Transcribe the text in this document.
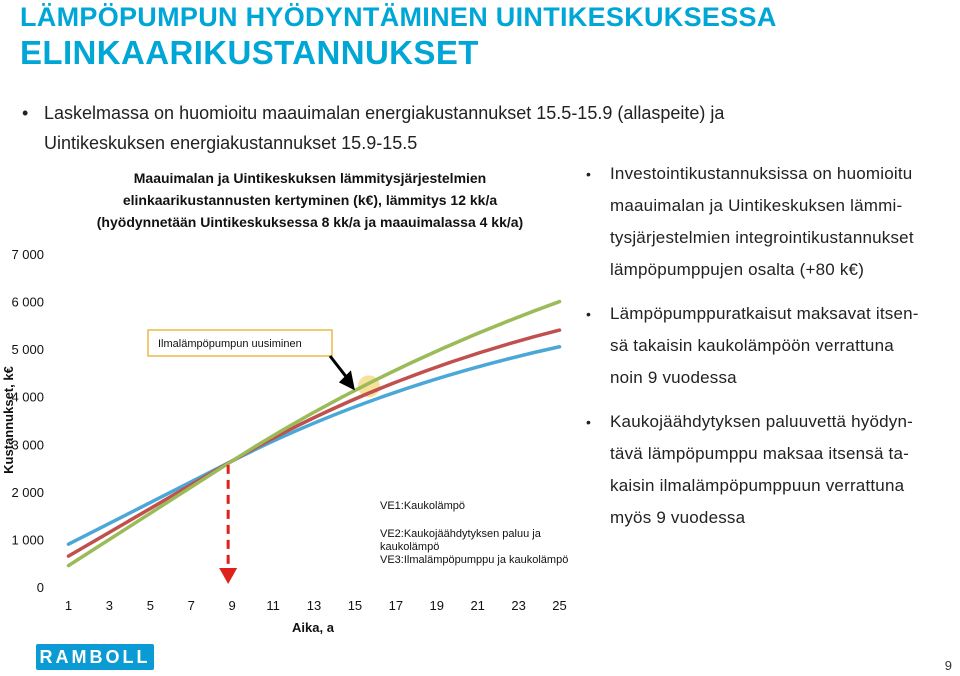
LÄMPÖPUMPUN HYÖDYNTÄMINEN UINTIKESKUKSESSA
ELINKAARIKUSTANNUKSET
• Laskelmassa on huomioitu maauimalan energiakustannukset 15.5-15.9 (allaspeite) ja Uintikeskuksen energiakustannukset 15.9-15.5
Maauimalan ja Uintikeskuksen lämmitysjärjestelmien
elinkaarikustannusten kertyminen (k€), lämmitys 12 kk/a
(hyödynnetään Uintikeskuksessa 8 kk/a ja maauimalassa 4 kk/a)
0
1 000
2 000
3 000
4 000
5 000
6 000
7 000
1	3	5	7	9 11 13 15 17 19 21 23 25
Kustannukset, k€
Aika, a
Ilmalämpöpumpun uusiminen
VE1:Kaukolämpö
VE2:Kaukojäähdytyksen paluu ja
kaukolämpö
VE3:Ilmalämpöpumppu ja kaukolämpö
• Investointikustannuksissa on huomioitu
maauimalan ja Uintikeskuksen lämmi-
tysjärjestelmien integrointikustannukset
lämpöpumppujen osalta (+80 k€)
• Lämpöpumppuratkaisut maksavat itsen-
sä takaisin kaukolämpöön verrattuna
noin 9 vuodessa
• Kaukojäähdytyksen paluuvettä hyödyn-
tävä lämpöpumppu maksaa itsensä ta-
kaisin ilmalämpöpumppuun verrattuna
myös 9 vuodessa
RAMBOLL	9
